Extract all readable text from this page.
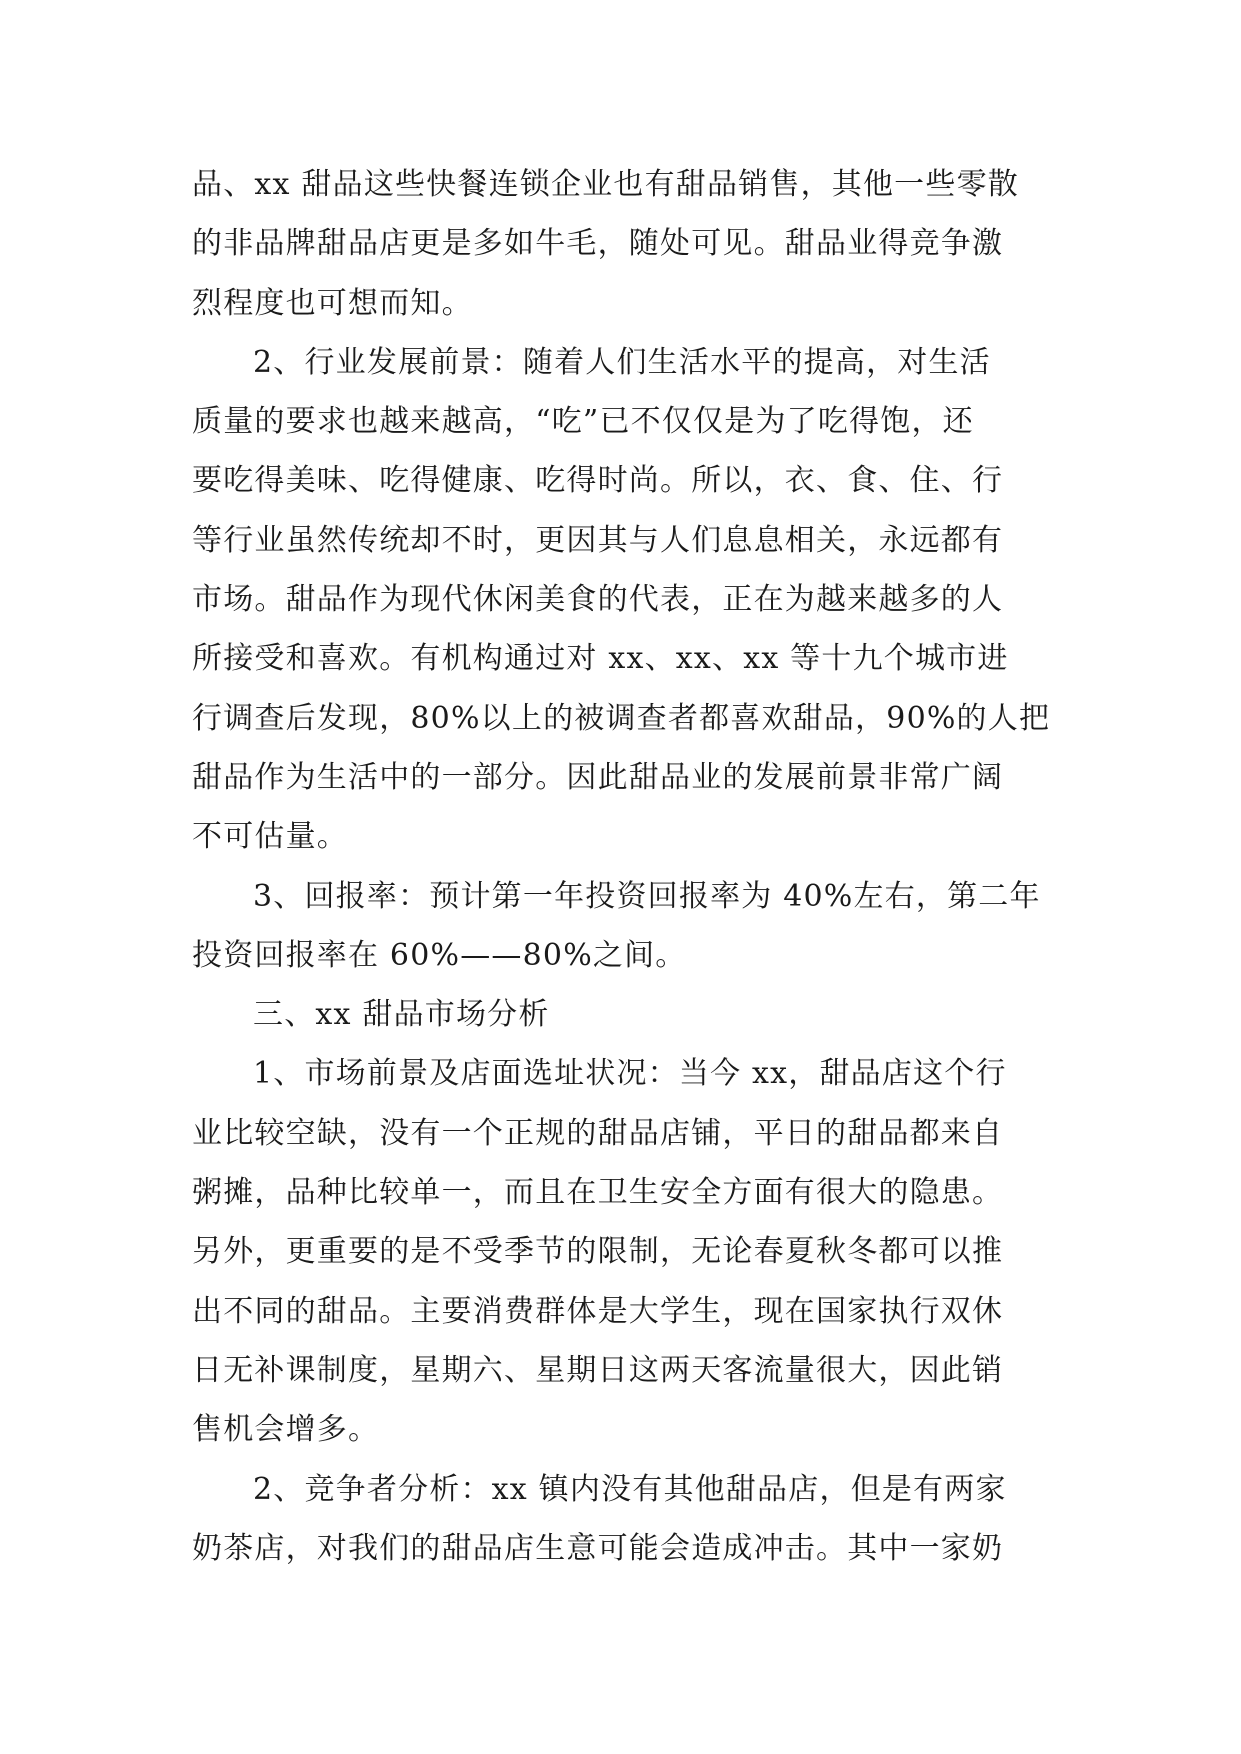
品、xx 甜品这些快餐连锁企业也有甜品销售，其他一些零散
的非品牌甜品店更是多如牛毛，随处可见。甜品业得竞争激
烈程度也可想而知。
2、行业发展前景：随着人们生活水平的提高，对生活
质量的要求也越来越高，“吃”已不仅仅是为了吃得饱，还
要吃得美味、吃得健康、吃得时尚。所以，衣、食、住、行
等行业虽然传统却不时，更因其与人们息息相关，永远都有
市场。甜品作为现代休闲美食的代表，正在为越来越多的人
所接受和喜欢。有机构通过对 xx、xx、xx 等十九个城市进
行调查后发现，80%以上的被调查者都喜欢甜品，90%的人把
甜品作为生活中的一部分。因此甜品业的发展前景非常广阔
不可估量。
3、回报率：预计第一年投资回报率为 40%左右，第二年
投资回报率在 60%——80%之间。
三、xx 甜品市场分析
1、市场前景及店面选址状况：当今 xx，甜品店这个行
业比较空缺，没有一个正规的甜品店铺，平日的甜品都来自
粥摊，品种比较单一，而且在卫生安全方面有很大的隐患。
另外，更重要的是不受季节的限制，无论春夏秋冬都可以推
出不同的甜品。主要消费群体是大学生，现在国家执行双休
日无补课制度，星期六、星期日这两天客流量很大，因此销
售机会增多。
2、竞争者分析：xx 镇内没有其他甜品店，但是有两家
奶茶店，对我们的甜品店生意可能会造成冲击。其中一家奶
